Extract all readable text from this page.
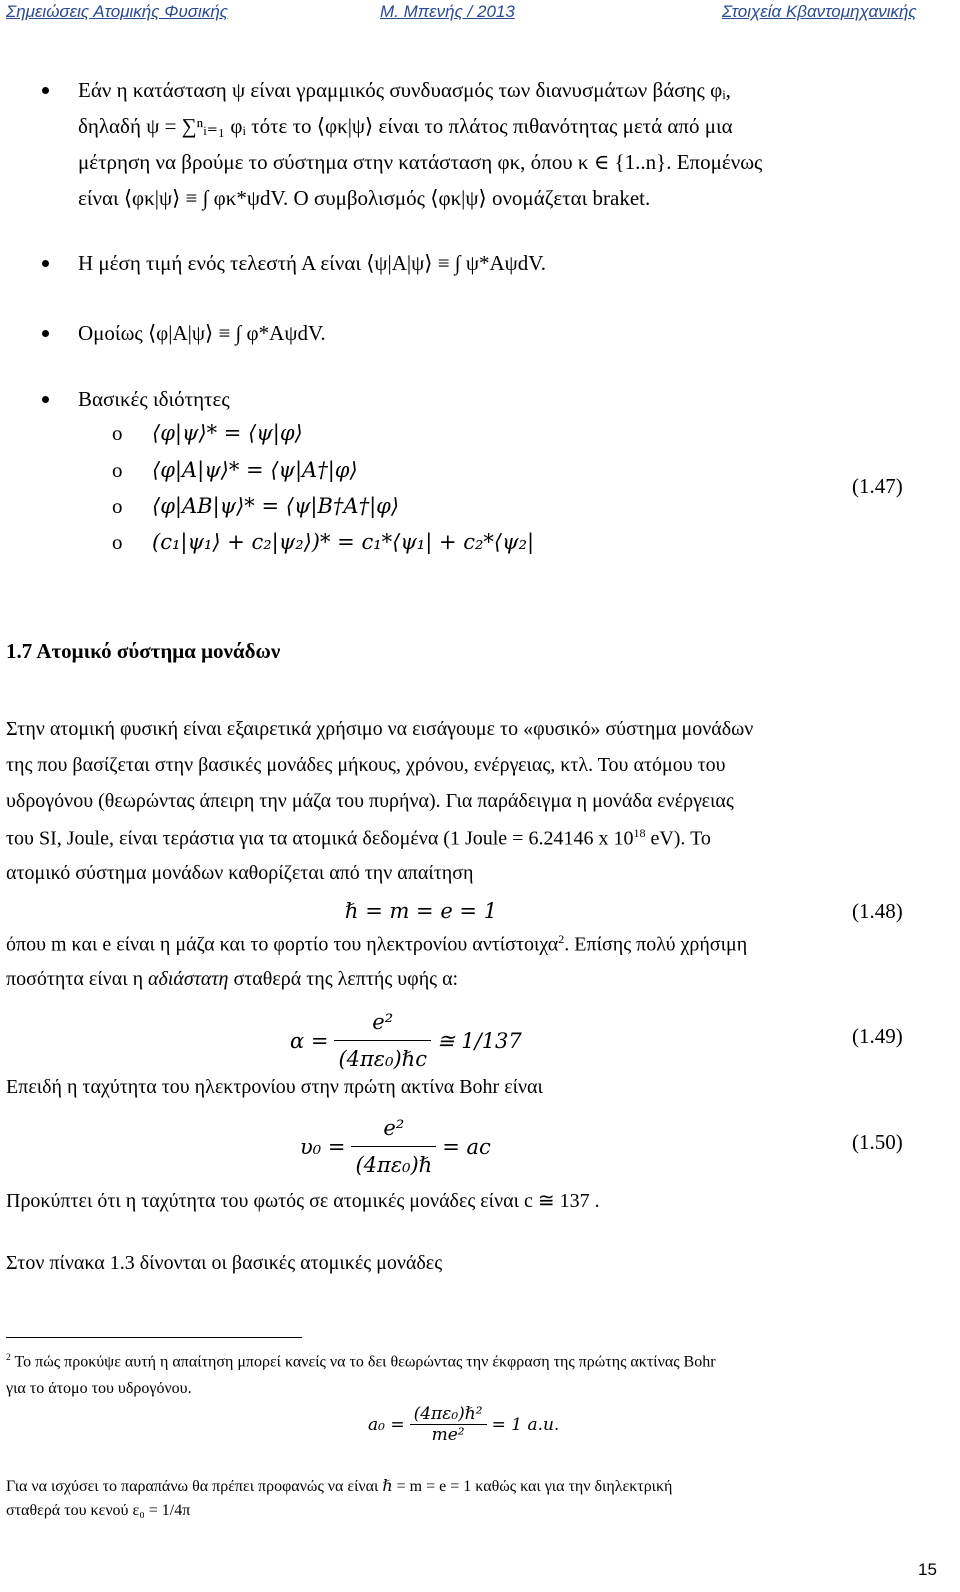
Σημειώσεις Ατομικής Φυσικής	Μ. Μπενής / 2013	Στοιχεία Κβαντομηχανικής
Εάν η κατάσταση ψ είναι γραμμικός συνδυασμός των διανυσμάτων βάσης φᵢ,
δηλαδή ψ = ∑ⁿᵢ₌₁ φᵢ τότε το ⟨φκ|ψ⟩ είναι το πλάτος πιθανότητας μετά από μια
μέτρηση να βρούμε το σύστημα στην κατάσταση φκ, όπου κ ∈ {1..n}. Επομένως
είναι ⟨φκ|ψ⟩ ≡ ∫ φκ*ψdV. Ο συμβολισμός ⟨φκ|ψ⟩ ονομάζεται braket.
Η μέση τιμή ενός τελεστή Α είναι ⟨ψ|A|ψ⟩ ≡ ∫ ψ*AψdV.
Ομοίως ⟨φ|A|ψ⟩ ≡ ∫ φ*AψdV.
Βασικές ιδιότητες
o ⟨φ|ψ⟩* = ⟨ψ|φ⟩
o ⟨φ|A|ψ⟩* = ⟨ψ|A†|φ⟩
o ⟨φ|AB|ψ⟩* = ⟨ψ|B†A†|φ⟩
o (c₁|ψ₁⟩ + c₂|ψ₂⟩)* = c₁*⟨ψ₁| + c₂*⟨ψ₂|
(1.47)
1.7 Ατομικό σύστημα μονάδων
Στην ατομική φυσική είναι εξαιρετικά χρήσιμο να εισάγουμε το «φυσικό» σύστημα μονάδων
της που βασίζεται στην βασικές μονάδες μήκους, χρόνου, ενέργειας, κτλ. Του ατόμου του
υδρογόνου (θεωρώντας άπειρη την μάζα του πυρήνα). Για παράδειγμα η μονάδα ενέργειας
του SI, Joule, είναι τεράστια για τα ατομικά δεδομένα (1 Joule = 6.24146 x $10^{18}$ eV). Το
ατομικό σύστημα μονάδων καθορίζεται από την απαίτηση
ℏ = m = e = 1	(1.48)
όπου m και e είναι η μάζα και το φορτίο του ηλεκτρονίου αντίστοιχα$^2$. Επίσης πολύ χρήσιμη
ποσότητα είναι η αδιάστατη σταθερά της λεπτής υφής α:
$\alpha = \frac{\text{e²}}{\text{(4πε₀)ℏc}}$ ≅ 1/137	(1.49)
Επειδή η ταχύτητα του ηλεκτρονίου στην πρώτη ακτίνα Bohr είναι
$\upsilon_0 = \frac{\text{e²}}{\text{(4πε₀)ℏ}}$ = ac	(1.50)
Προκύπτει ότι η ταχύτητα του φωτός σε ατομικές μονάδες είναι c ≅ 137 .
Στον πίνακα 1.3 δίνονται οι βασικές ατομικές μονάδες
$^2$ Το πώς προκύψε αυτή η απαίτηση μπορεί κανείς να το δει θεωρώντας την έκφραση της πρώτης ακτίνας Bohr
για το άτομο του υδρογόνου.
$a_0 = \frac{\text{(4πε₀)ℏ²}}{\text{me²}} = 1$ a.u.
Για να ισχύσει το παραπάνω θα πρέπει προφανώς να είναι ℏ = m = e = 1 καθώς και για την διηλεκτρική
σταθερά του κενού ε₀ = 1/4π
15
